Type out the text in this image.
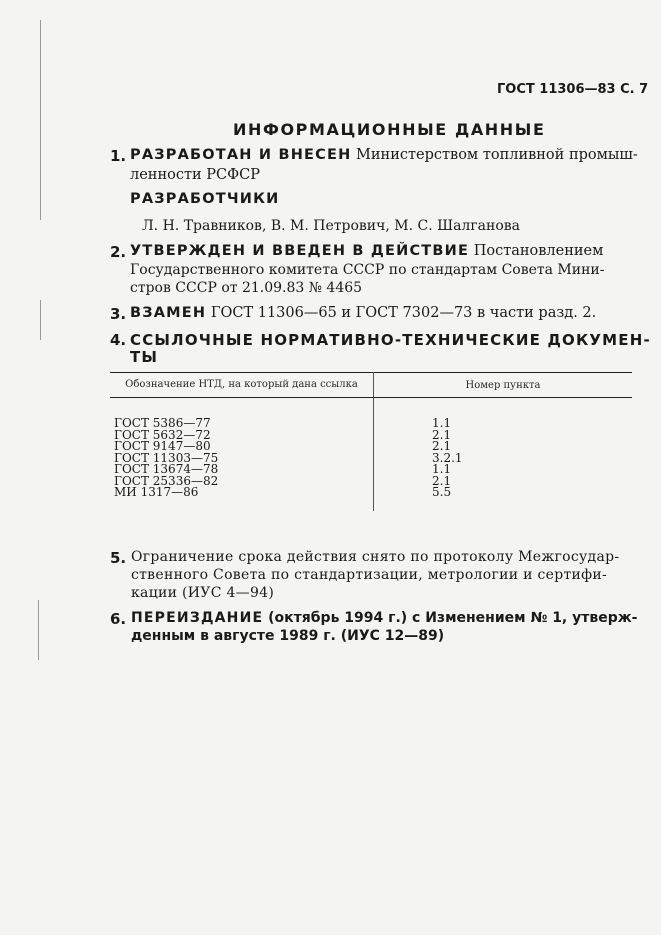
ГОСТ 11306—83 С. 7
ИНФОРМАЦИОННЫЕ ДАННЫЕ
1. РАЗРАБОТАН И ВНЕСЕН Министерством топливной промыш-
ленности РСФСР
РАЗРАБОТЧИКИ
Л. Н. Травников, В. М. Петрович, М. С. Шалганова
2. УТВЕРЖДЕН И ВВЕДЕН В ДЕЙСТВИЕ Постановлением
Государственного комитета СССР по стандартам Совета Мини-
стров СССР от 21.09.83 № 4465
3. ВЗАМЕН ГОСТ 11306—65 и ГОСТ 7302—73 в части разд. 2.
4. ССЫЛОЧНЫЕ НОРМАТИВНО-ТЕХНИЧЕСКИЕ ДОКУМЕН-
ТЫ
Обозначение НТД, на который дана ссылка	Номер пункта
ГОСТ 5386—77	1.1
ГОСТ 5632—72	2.1
ГОСТ 9147—80	2.1
ГОСТ 11303—75	3.2.1
ГОСТ 13674—78	1.1
ГОСТ 25336—82	2.1
МИ 1317—86	5.5
5. Ограничение срока действия снято по протоколу Межгосудар-
ственного Совета по стандартизации, метрологии и сертифи-
кации (ИУС 4—94)
6. ПЕРЕИЗДАНИЕ (октябрь 1994 г.) с Изменением № 1, утверж-
денным в августе 1989 г. (ИУС 12—89)
